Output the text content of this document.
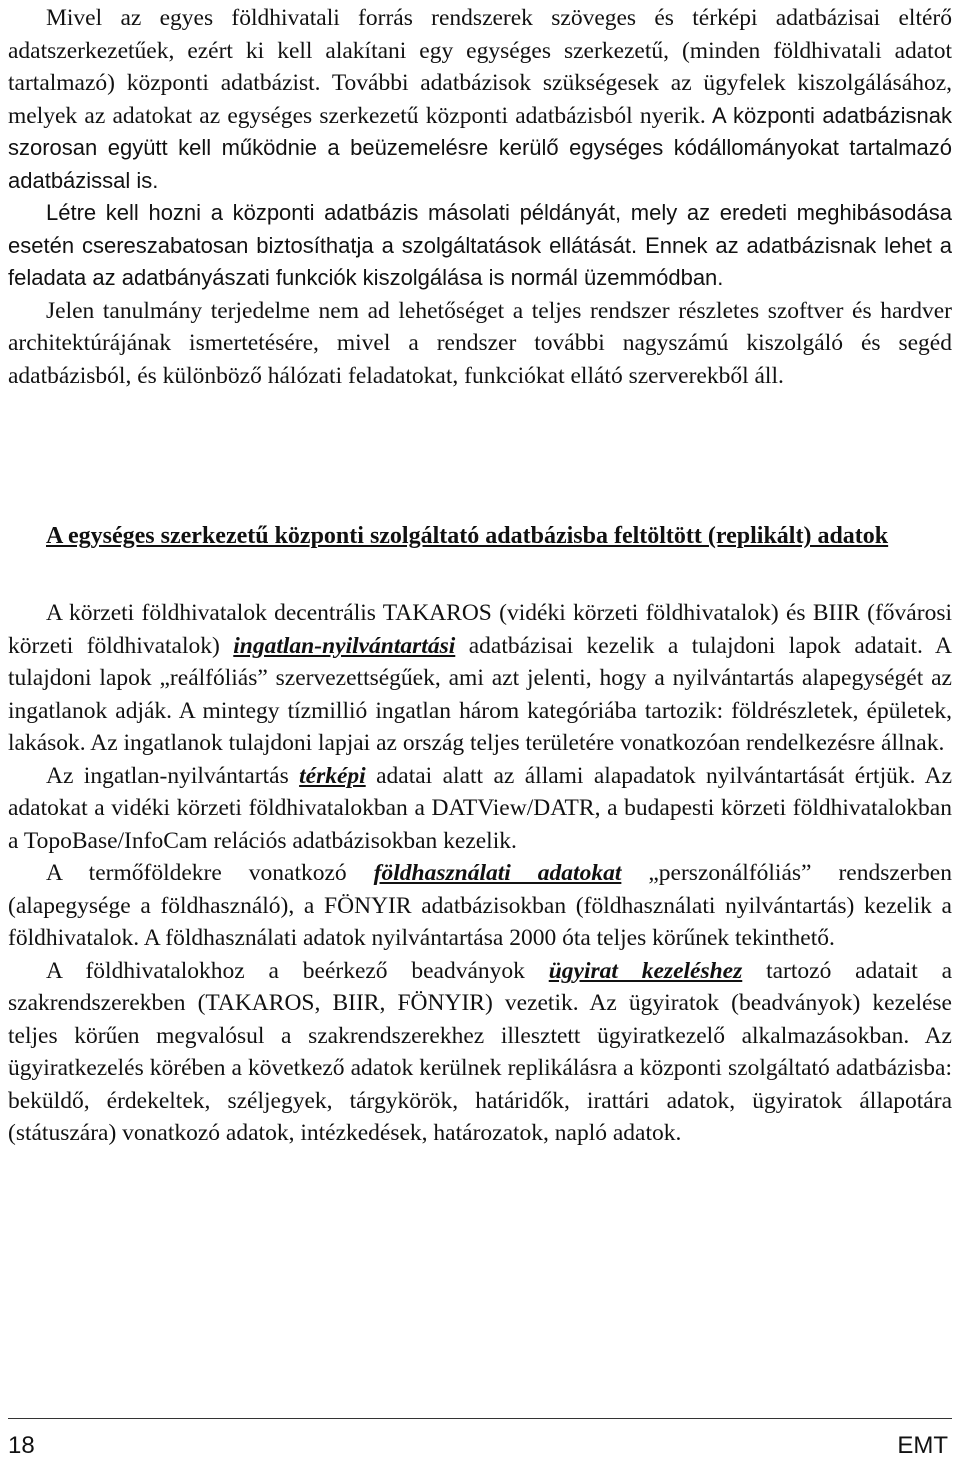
Mivel az egyes földhivatali forrás rendszerek szöveges és térképi adatbázisai eltérő adatszerkezetűek, ezért ki kell alakítani egy egységes szerkezetű, (minden földhivatali adatot tartalmazó) központi adatbázist. További adatbázisok szükségesek az ügyfelek kiszolgálásához, melyek az adatokat az egységes szerkezetű központi adatbázisból nyerik. A központi adatbázisnak szorosan együtt kell működnie a beüzemelésre kerülő egységes kódállományokat tartalmazó adatbázissal is.

Létre kell hozni a központi adatbázis másolati példányát, mely az eredeti meghibásodása esetén csereszabatosan biztosíthatja a szolgáltatások ellátását. Ennek az adatbázisnak lehet a feladata az adatbányászati funkciók kiszolgálása is normál üzemmódban.

Jelen tanulmány terjedelme nem ad lehetőséget a teljes rendszer részletes szoftver és hardver architektúrájának ismertetésére, mivel a rendszer további nagyszámú kiszolgáló és segéd adatbázisból, és különböző hálózati feladatokat, funkciókat ellátó szerverekből áll.

A egységes szerkezetű központi szolgáltató adatbázisba feltöltött (replikált) adatok

A körzeti földhivatalok decentrális TAKAROS (vidéki körzeti földhivatalok) és BIIR (fővárosi körzeti földhivatalok) ingatlan-nyilvántartási adatbázisai kezelik a tulajdoni lapok adatait. A tulajdoni lapok „reálfóliás” szervezettségűek, ami azt jelenti, hogy a nyilvántartás alapegységét az ingatlanok adják. A mintegy tízmillió ingatlan három kategóriába tartozik: földrészletek, épületek, lakások. Az ingatlanok tulajdoni lapjai az ország teljes területére vonatkozóan rendelkezésre állnak.

Az ingatlan-nyilvántartás térképi adatai alatt az állami alapadatok nyilvántartását értjük. Az adatokat a vidéki körzeti földhivatalokban a DATView/DATR, a budapesti körzeti földhivatalokban a TopoBase/InfoCam relációs adatbázisokban kezelik.

A termőföldekre vonatkozó földhasználati adatokat „perszonálfóliás” rendszerben (alapegysége a földhasználó), a FÖNYIR adatbázisokban (földhasználati nyilvántartás) kezelik a földhivatalok. A földhasználati adatok nyilvántartása 2000 óta teljes körűnek tekinthető.

A földhivatalokhoz a beérkező beadványok ügyirat kezeléshez tartozó adatait a szakrendszerekben (TAKAROS, BIIR, FÖNYIR) vezetik. Az ügyiratok (beadványok) kezelése teljes körűen megvalósul a szakrendszerekhez illesztett ügyiratkezelő alkalmazásokban. Az ügyiratkezelés körében a következő adatok kerülnek replikálásra a központi szolgáltató adatbázisba: beküldő, érdekeltek, széljegyek, tárgykörök, határidők, irattári adatok, ügyiratok állapotára (státuszára) vonatkozó adatok, intézkedések, határozatok, napló adatok.

18	EMT
